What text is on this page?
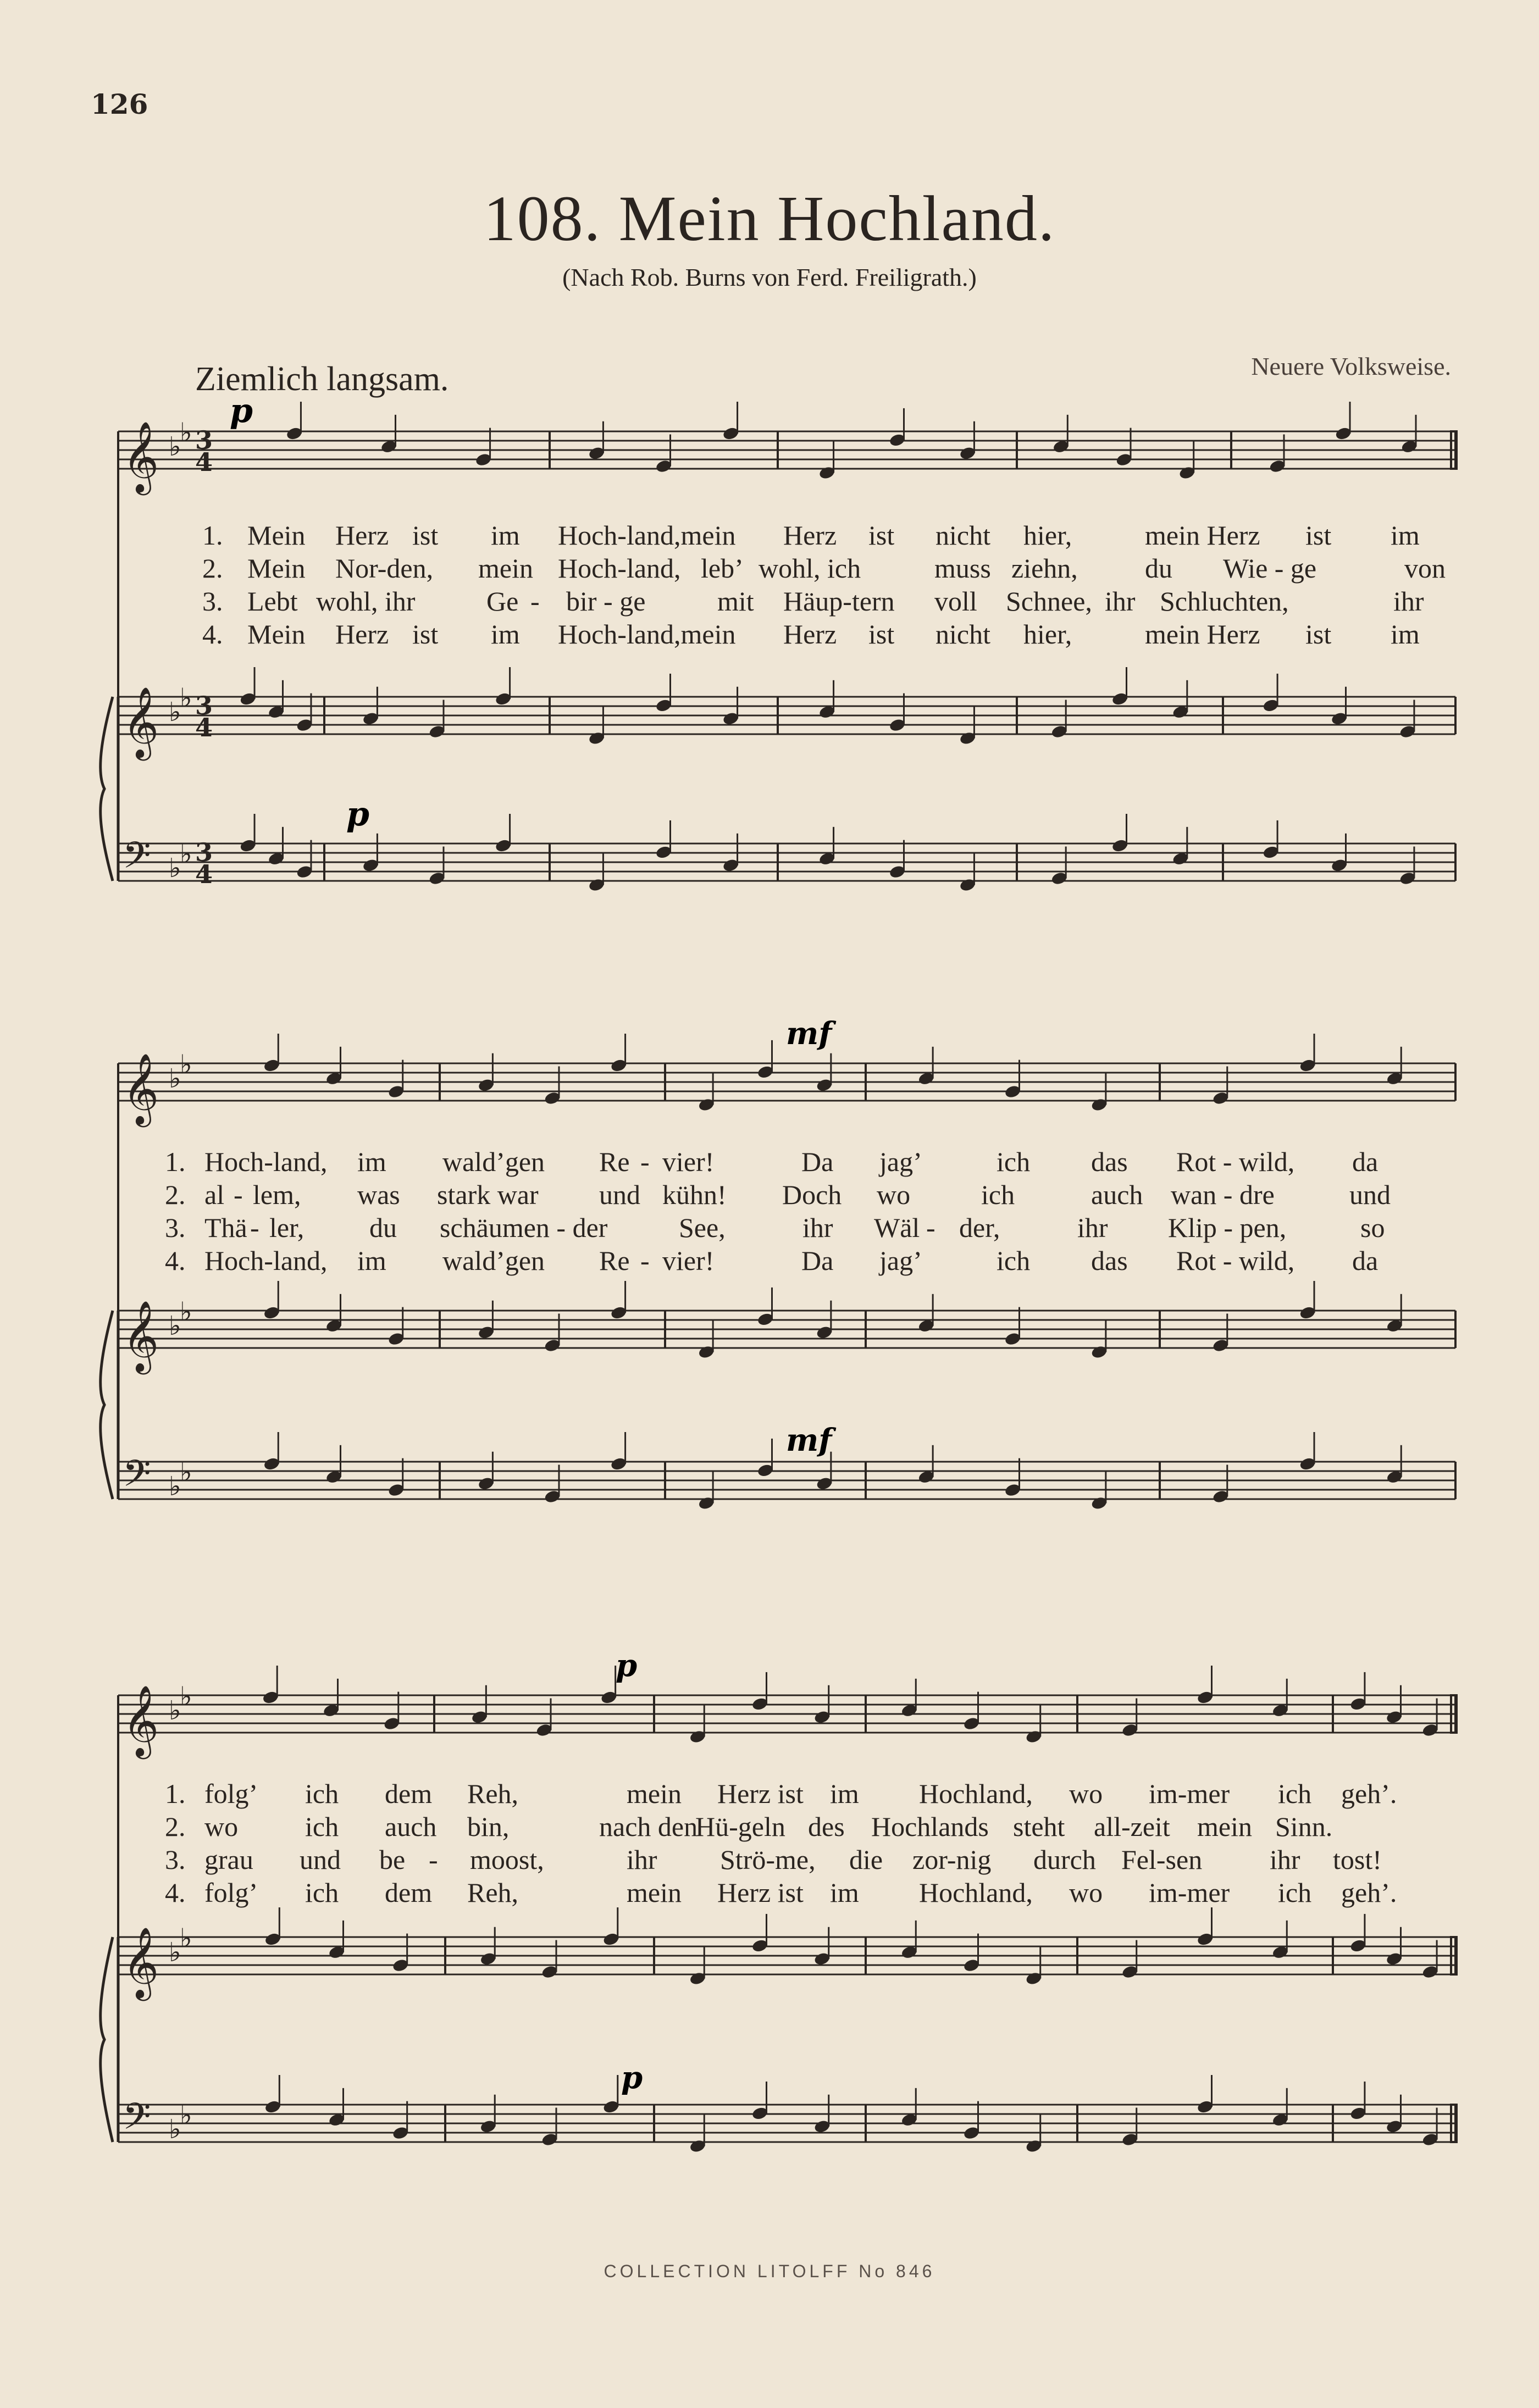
126
108. Mein Hochland.
(Nach Rob. Burns von Ferd. Freiligrath.)
Ziemlich langsam.	Neuere Volksweise.
𝄞 ♭
♭ 3
4
𝄞 ♭
♭ 3
4
𝄢 ♭
♭ 3
4
𝄞 ♭
♭
𝄞 ♭
♭
𝄢 ♭
♭
𝄞 ♭
♭
𝄞 ♭
♭
𝄢 ♭
♭
p
p
mf
mf
p
p
1. Mein Herz ist im Hoch-land,mein Herz ist nicht hier,	mein Herz ist im
2. Mein Nor-den, mein Hoch-land, leb’ wohl, ich	muss ziehn, du Wie - ge	von
3. Lebt wohl, ihr	Ge - bir - ge	mit Häup-tern voll Schnee, ihr Schluchten,	ihr
4. Mein Herz ist im Hoch-land,mein Herz ist nicht hier,	mein Herz ist im
1. Hoch-land, im wald’gen Re - vier!	Da jag’	ich das Rot - wild, da
2. al - lem, was stark war und kühn! Doch wo	ich	auch wan - dre	und
3. Thä - ler, du schäumen - der	See,	ihr Wäl - der,	ihr Klip - pen,	so
4. Hoch-land, im wald’gen Re - vier!	Da jag’	ich das Rot - wild, da
1. folg’ ich dem Reh,	mein Herz ist im Hochland, wo im-mer ich geh’.
2. wo ich auch bin,	nach den
Hü-geln des Hochlands steht all-zeit mein Sinn.
3. grau und be - moost,	ihr Strö-me, die zor-nig durch Fel-sen ihr tost!
4. folg’ ich dem Reh,	mein Herz ist im Hochland, wo im-mer ich geh’.
COLLECTION LITOLFF No 846
